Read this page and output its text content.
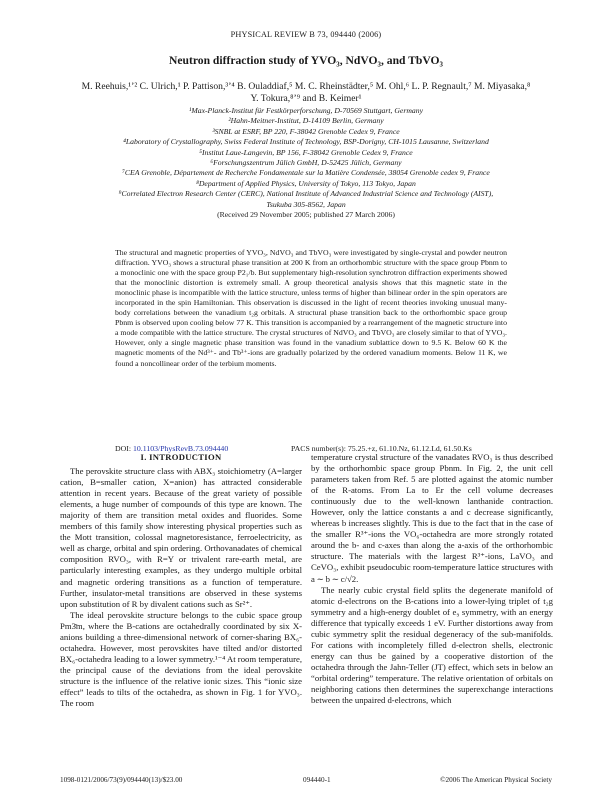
PHYSICAL REVIEW B 73, 094440 (2006)
Neutron diffraction study of YVO₃, NdVO₃, and TbVO₃
M. Reehuis,¹ʼ² C. Ulrich,¹ P. Pattison,³ʼ⁴ B. Ouladdiaf,⁵ M. C. Rheinstädter,⁵ M. Ohl,⁶ L. P. Regnault,⁷ M. Miyasaka,⁸
Y. Tokura,⁸ʼ⁹ and B. Keimer¹
¹Max-Planck-Institut für Festkörperforschung, D-70569 Stuttgart, Germany
²Hahn-Meitner-Institut, D-14109 Berlin, Germany
³SNBL at ESRF, BP 220, F-38042 Grenoble Cedex 9, France
⁴Laboratory of Crystallography, Swiss Federal Institute of Technology, BSP-Dorigny, CH-1015 Lausanne, Switzerland
⁵Institut Laue-Langevin, BP 156, F-38042 Grenoble Cedex 9, France
⁶Forschungszentrum Jülich GmbH, D-52425 Jülich, Germany
⁷CEA Grenoble, Département de Recherche Fondamentale sur la Matière Condensée, 38054 Grenoble cedex 9, France
⁸Department of Applied Physics, University of Tokyo, 113 Tokyo, Japan
⁹Correlated Electron Research Center (CERC), National Institute of Advanced Industrial Science and Technology (AIST),
Tsukuba 305-8562, Japan
(Received 29 November 2005; published 27 March 2006)

The structural and magnetic properties of YVO₃, NdVO₃ and TbVO₃ were investigated by single-crystal and powder neutron diffraction. YVO₃ shows a structural phase transition at 200 K from an orthorhombic structure with the space group Pbnm to a monoclinic one with the space group P2₁/b. But supplementary high-resolution synchrotron diffraction experiments showed that the monoclinic distortion is extremely small. A group theoretical analysis shows that this magnetic state in the monoclinic phase is incompatible with the lattice structure, unless terms of higher than bilinear order in the spin operators are incorporated in the spin Hamiltonian. This observation is discussed in the light of recent theories invoking unusual many-body correlations between the vanadium t₂g orbitals. A structural phase transition back to the orthorhombic space group Pbnm is observed upon cooling below 77 K. This transition is accompanied by a rearrangement of the magnetic structure into a mode compatible with the lattice structure. The crystal structures of NdVO₃ and TbVO₃ are closely similar to that of YVO₃. However, only a single magnetic phase transition was found in the vanadium sublattice down to 9.5 K. Below 60 K the magnetic moments of the Nd³⁺- and Tb³⁺-ions are gradually polarized by the ordered vanadium moments. Below 11 K, we found a noncollinear order of the terbium moments.

DOI: 10.1103/PhysRevB.73.094440	PACS number(s): 75.25.+z, 61.10.Nz, 61.12.Ld, 61.50.Ks
I. INTRODUCTION

The perovskite structure class with ABX₃ stoichiometry (A=larger cation, B=smaller cation, X=anion) has attracted considerable attention in recent years. Because of the great variety of possible elements, a huge number of compounds of this type are known. The majority of them are transition metal oxides and fluorides. Some members of this family show interesting physical properties such as the Mott transition, colossal magnetoresistance, ferroelectricity, as well as charge, orbital and spin ordering. Orthovanadates of chemical composition RVO₃, with R=Y or trivalent rare-earth metal, are particularly interesting examples, as they undergo multiple orbital and magnetic ordering transitions as a function of temperature. Further, insulator-metal transitions are observed in these systems upon substitution of R by divalent cations such as Sr²⁺.

The ideal perovskite structure belongs to the cubic space group Pm3̄m, where the B-cations are octahedrally coordinated by six X-anions building a three-dimensional network of corner-sharing BX₆-octahedra. However, most perovskites have tilted and/or distorted BX₆-octahedra leading to a lower symmetry.¹⁻⁴ At room temperature, the principal cause of the deviations from the ideal perovskite structure is the influence of the relative ionic sizes. This “ionic size effect” leads to tilts of the octahedra, as shown in Fig. 1 for YVO₃. The room

temperature crystal structure of the vanadates RVO₃ is thus described by the orthorhombic space group Pbnm. In Fig. 2, the unit cell parameters taken from Ref. 5 are plotted against the atomic number of the R-atoms. From La to Er the cell volume decreases continuously due to the well-known lanthanide contraction. However, only the lattice constants a and c decrease significantly, whereas b increases slightly. This is due to the fact that in the case of the smaller R³⁺-ions the VO₆-octahedra are more strongly rotated around the b- and c-axes than along the a-axis of the orthorhombic structure. The materials with the largest R³⁺-ions, LaVO₃ and CeVO₃, exhibit pseudocubic room-temperature lattice structures with a ∼ b ∼ c/√2.

The nearly cubic crystal field splits the degenerate manifold of atomic d-electrons on the B-cations into a lower-lying triplet of t₂g symmetry and a high-energy doublet of e₉ symmetry, with an energy difference that typically exceeds 1 eV. Further distortions away from cubic symmetry split the residual degeneracy of the sub-manifolds. For cations with incompletely filled d-electron shells, electronic energy can thus be gained by a cooperative distortion of the octahedra through the Jahn-Teller (JT) effect, which sets in below an “orbital ordering” temperature. The relative orientation of orbitals on neighboring cations then determines the superexchange interactions between the unpaired d-electrons, which

1098-0121/2006/73(9)/094440(13)/$23.00	094440-1	©2006 The American Physical Society
